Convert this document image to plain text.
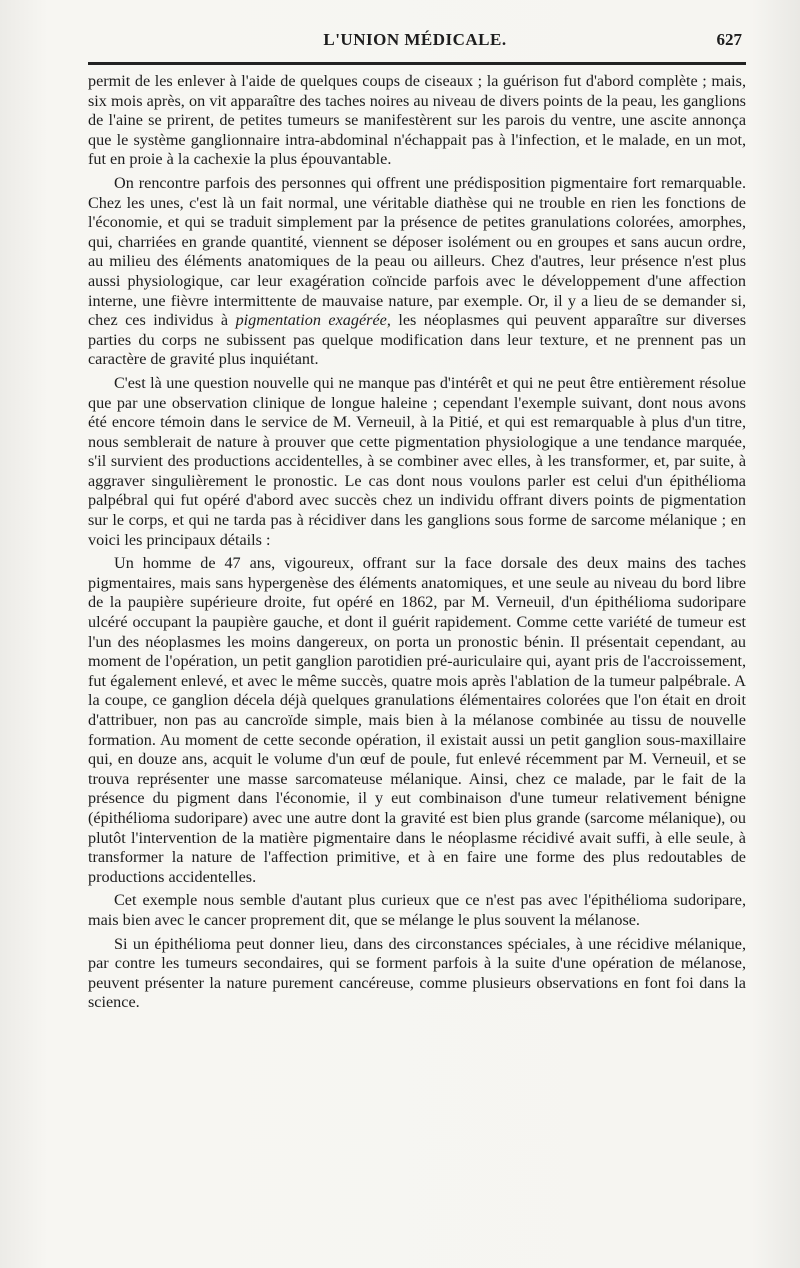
L'UNION MÉDICALE.	627

permit de les enlever à l'aide de quelques coups de ciseaux ; la guérison fut d'abord complète ; mais, six mois après, on vit apparaître des taches noires au niveau de divers points de la peau, les ganglions de l'aine se prirent, de petites tumeurs se manifestèrent sur les parois du ventre, une ascite annonça que le système ganglionnaire intra-abdominal n'échappait pas à l'infection, et le malade, en un mot, fut en proie à la cachexie la plus épouvantable.

On rencontre parfois des personnes qui offrent une prédisposition pigmentaire fort remarquable. Chez les unes, c'est là un fait normal, une véritable diathèse qui ne trouble en rien les fonctions de l'économie, et qui se traduit simplement par la présence de petites granulations colorées, amorphes, qui, charriées en grande quantité, viennent se déposer isolément ou en groupes et sans aucun ordre, au milieu des éléments anatomiques de la peau ou ailleurs. Chez d'autres, leur présence n'est plus aussi physiologique, car leur exagération coïncide parfois avec le développement d'une affection interne, une fièvre intermittente de mauvaise nature, par exemple. Or, il y a lieu de se demander si, chez ces individus à pigmentation exagérée, les néoplasmes qui peuvent apparaître sur diverses parties du corps ne subissent pas quelque modification dans leur texture, et ne prennent pas un caractère de gravité plus inquiétant.

C'est là une question nouvelle qui ne manque pas d'intérêt et qui ne peut être entièrement résolue que par une observation clinique de longue haleine ; cependant l'exemple suivant, dont nous avons été encore témoin dans le service de M. Verneuil, à la Pitié, et qui est remarquable à plus d'un titre, nous semblerait de nature à prouver que cette pigmentation physiologique a une tendance marquée, s'il survient des productions accidentelles, à se combiner avec elles, à les transformer, et, par suite, à aggraver singulièrement le pronostic. Le cas dont nous voulons parler est celui d'un épithélioma palpébral qui fut opéré d'abord avec succès chez un individu offrant divers points de pigmentation sur le corps, et qui ne tarda pas à récidiver dans les ganglions sous forme de sarcome mélanique ; en voici les principaux détails :

Un homme de 47 ans, vigoureux, offrant sur la face dorsale des deux mains des taches pigmentaires, mais sans hypergenèse des éléments anatomiques, et une seule au niveau du bord libre de la paupière supérieure droite, fut opéré en 1862, par M. Verneuil, d'un épithélioma sudoripare ulcéré occupant la paupière gauche, et dont il guérit rapidement. Comme cette variété de tumeur est l'un des néoplasmes les moins dangereux, on porta un pronostic bénin. Il présentait cependant, au moment de l'opération, un petit ganglion parotidien pré-auriculaire qui, ayant pris de l'accroissement, fut également enlevé, et avec le même succès, quatre mois après l'ablation de la tumeur palpébrale. A la coupe, ce ganglion décela déjà quelques granulations élémentaires colorées que l'on était en droit d'attribuer, non pas au cancroïde simple, mais bien à la mélanose combinée au tissu de nouvelle formation. Au moment de cette seconde opération, il existait aussi un petit ganglion sous-maxillaire qui, en douze ans, acquit le volume d'un œuf de poule, fut enlevé récemment par M. Verneuil, et se trouva représenter une masse sarcomateuse mélanique. Ainsi, chez ce malade, par le fait de la présence du pigment dans l'économie, il y eut combinaison d'une tumeur relativement bénigne (épithélioma sudoripare) avec une autre dont la gravité est bien plus grande (sarcome mélanique), ou plutôt l'intervention de la matière pigmentaire dans le néoplasme récidivé avait suffi, à elle seule, à transformer la nature de l'affection primitive, et à en faire une forme des plus redoutables de productions accidentelles.

Cet exemple nous semble d'autant plus curieux que ce n'est pas avec l'épithélioma sudoripare, mais bien avec le cancer proprement dit, que se mélange le plus souvent la mélanose.

Si un épithélioma peut donner lieu, dans des circonstances spéciales, à une récidive mélanique, par contre les tumeurs secondaires, qui se forment parfois à la suite d'une opération de mélanose, peuvent présenter la nature purement cancéreuse, comme plusieurs observations en font foi dans la science.
